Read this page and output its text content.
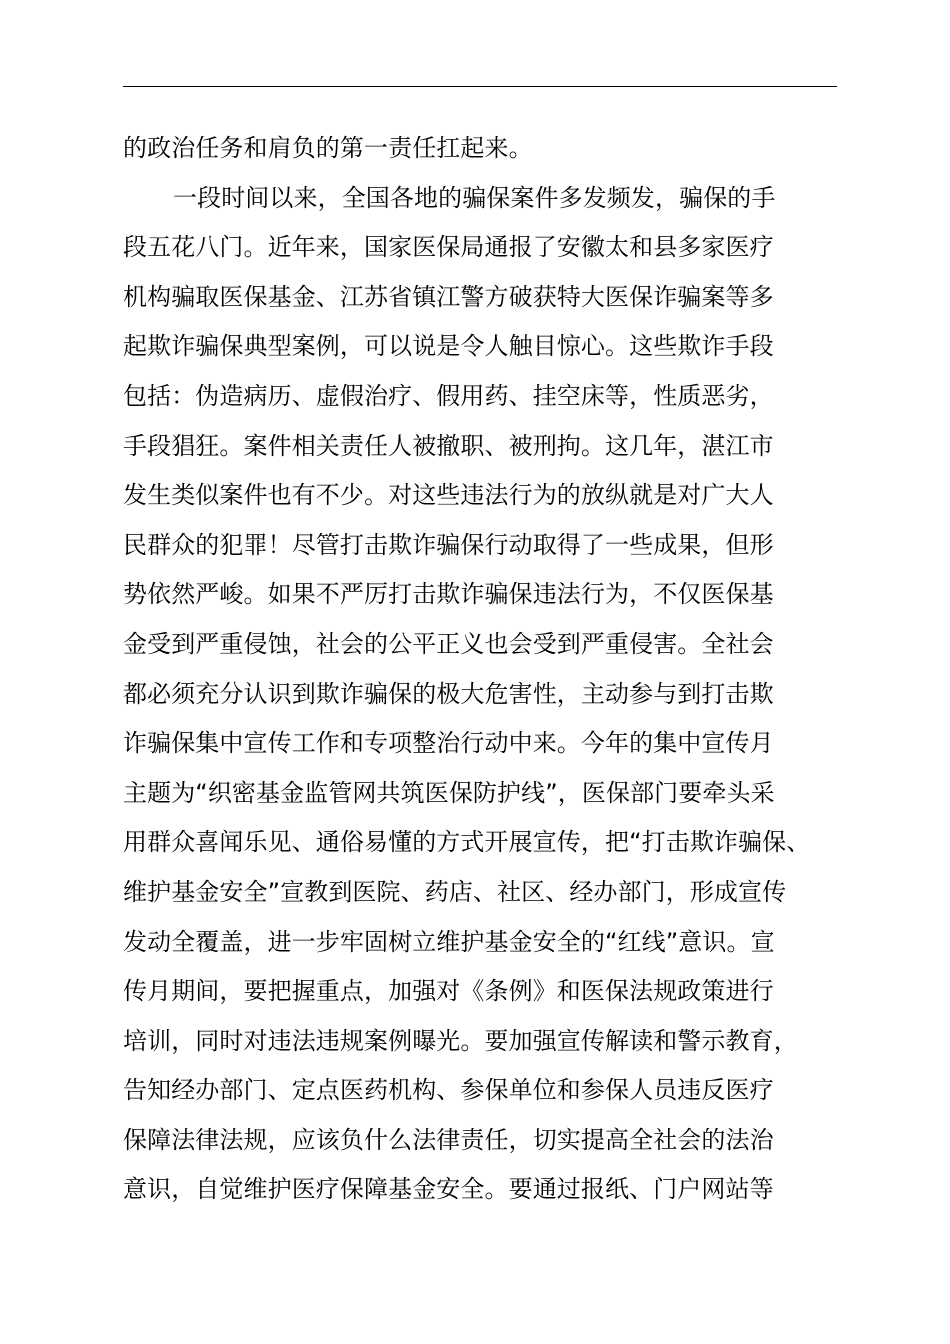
的政治任务和肩负的第一责任扛起来。
一段时间以来，全国各地的骗保案件多发频发，骗保的手
段五花八门。近年来，国家医保局通报了安徽太和县多家医疗
机构骗取医保基金、江苏省镇江警方破获特大医保诈骗案等多
起欺诈骗保典型案例，可以说是令人触目惊心。这些欺诈手段
包括：伪造病历、虚假治疗、假用药、挂空床等，性质恶劣，
手段猖狂。案件相关责任人被撤职、被刑拘。这几年，湛江市
发生类似案件也有不少。对这些违法行为的放纵就是对广大人
民群众的犯罪！尽管打击欺诈骗保行动取得了一些成果，但形
势依然严峻。如果不严厉打击欺诈骗保违法行为，不仅医保基
金受到严重侵蚀，社会的公平正义也会受到严重侵害。全社会
都必须充分认识到欺诈骗保的极大危害性，主动参与到打击欺
诈骗保集中宣传工作和专项整治行动中来。今年的集中宣传月
主题为“织密基金监管网共筑医保防护线”，医保部门要牵头采
用群众喜闻乐见、通俗易懂的方式开展宣传，把“打击欺诈骗保、
维护基金安全”宣教到医院、药店、社区、经办部门，形成宣传
发动全覆盖，进一步牢固树立维护基金安全的“红线”意识。宣
传月期间，要把握重点，加强对《条例》和医保法规政策进行
培训，同时对违法违规案例曝光。要加强宣传解读和警示教育，
告知经办部门、定点医药机构、参保单位和参保人员违反医疗
保障法律法规，应该负什么法律责任，切实提高全社会的法治
意识，自觉维护医疗保障基金安全。要通过报纸、门户网站等
